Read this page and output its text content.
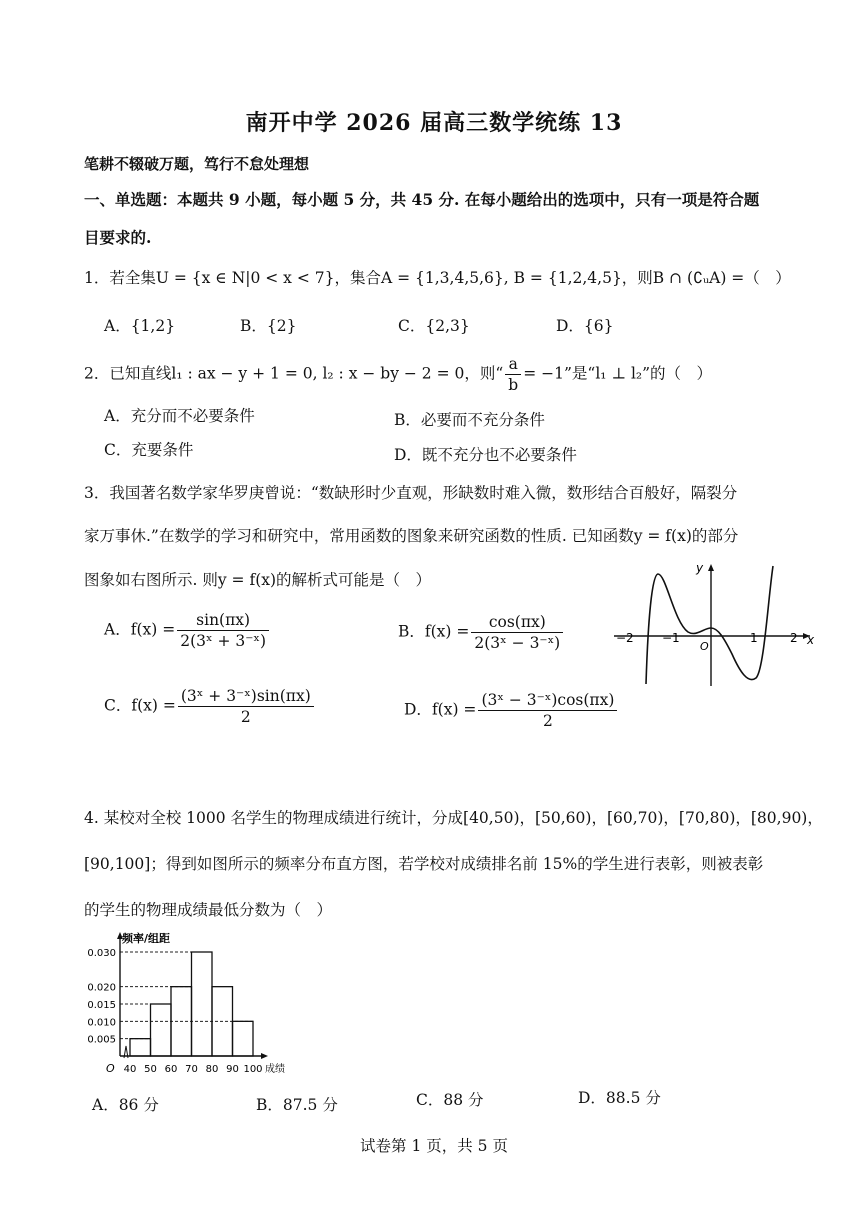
南开中学 2026 届高三数学统练 13
笔耕不辍破万题，笃行不怠处理想
一、单选题：本题共 9 小题，每小题 5 分，共 45 分. 在每小题给出的选项中，只有一项是符合题
目要求的.
1．若全集U = {x ∈ N|0 < x < 7}，集合A = {1,3,4,5,6}, B = {1,2,4,5}，则B ∩ (∁ᵤA) =（　）
A．{1,2}	B．{2}	C．{2,3}	D．{6}
2．已知直线l₁ : ax − y + 1 = 0, l₂ : x − by − 2 = 0，则“ $\frac{a}{b} = -1$”是“l₁ ⊥ l₂”的（　）
A．充分而不必要条件	B．必要而不充分条件
C．充要条件	D．既不充分也不必要条件
3．我国著名数学家华罗庚曾说：“数缺形时少直观，形缺数时难入微，数形结合百般好，隔裂分
家万事休.”在数学的学习和研究中，常用函数的图象来研究函数的性质. 已知函数y = f(x)的部分
图象如右图所示. 则y = f(x)的解析式可能是（　）
A．$f(x) = \frac{\sin(\pi x)}{\text{2(3ˣ + 3⁻ˣ)}}$	B．$f(x) = \frac{\cos(\pi x)}{\text{2(3ˣ − 3⁻ˣ)}}$
C．$f(x) = \frac{\text{(3ˣ + 3⁻ˣ)sin(πx)}}{2}$	D．$f(x) = \frac{\text{(3ˣ − 3⁻ˣ)cos(πx)}}{2}$
y
x
−2 −1
O
1	2
4. 某校对全校 1000 名学生的物理成绩进行统计，分成[40,50)，[50,60)，[60,70)，[70,80)，[80,90)，
[90,100]；得到如图所示的频率分布直方图，若学校对成绩排名前 15%的学生进行表彰，则被表彰
的学生的物理成绩最低分数为（　）
0.005
0.010
0.015
0.020
0.030
频率/组距
O 40 50 60 70 80 90 100 成绩
A．86 分	B．87.5 分	C．88 分	D．88.5 分
试卷第 1 页，共 5 页
